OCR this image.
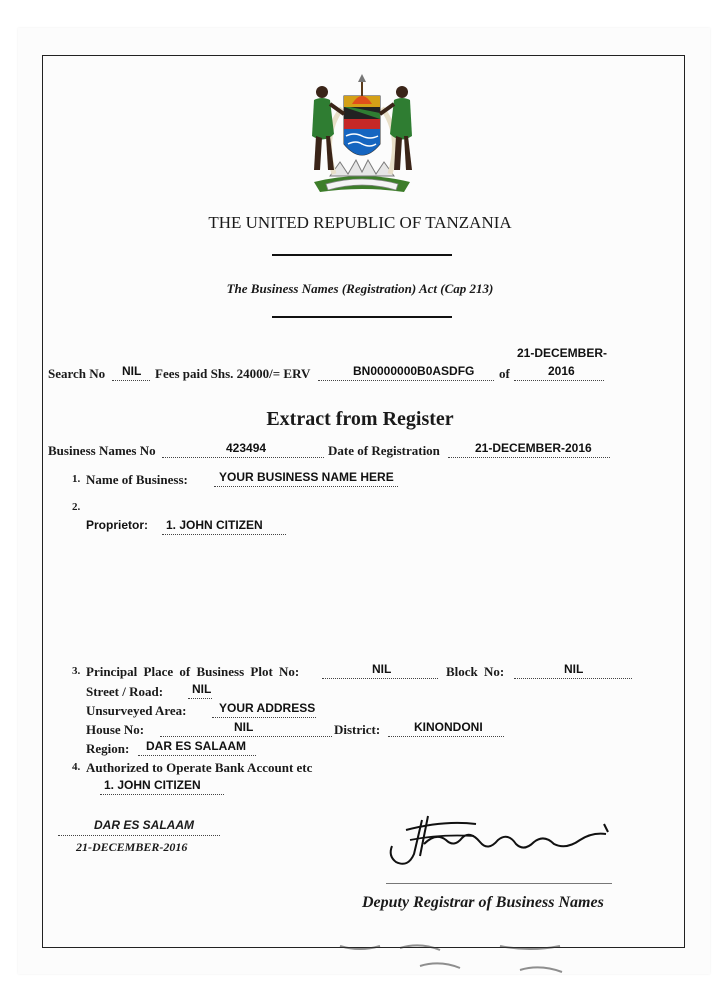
THE UNITED REPUBLIC OF TANZANIA
The Business Names (Registration) Act (Cap 213)
Search No NIL Fees paid Shs. 24000/= ERV	BN0000000B0ASDFG of
21-DECEMBER-
2016
Extract from Register
Business Names No	423494	Date of Registration	21-DECEMBER-2016
1. Name of Business:	YOUR BUSINESS NAME HERE
2.
Proprietor: 1. JOHN CITIZEN
3. Principal Place of Business Plot No:	NIL	Block No:	NIL
Street / Road: NIL
Unsurveyed Area:	YOUR ADDRESS
House No:	NIL	District:	KINONDONI
Region: DAR ES SALAAM
4. Authorized to Operate Bank Account etc
1. JOHN CITIZEN
DAR ES SALAAM
21-DECEMBER-2016
Deputy Registrar of Business Names
